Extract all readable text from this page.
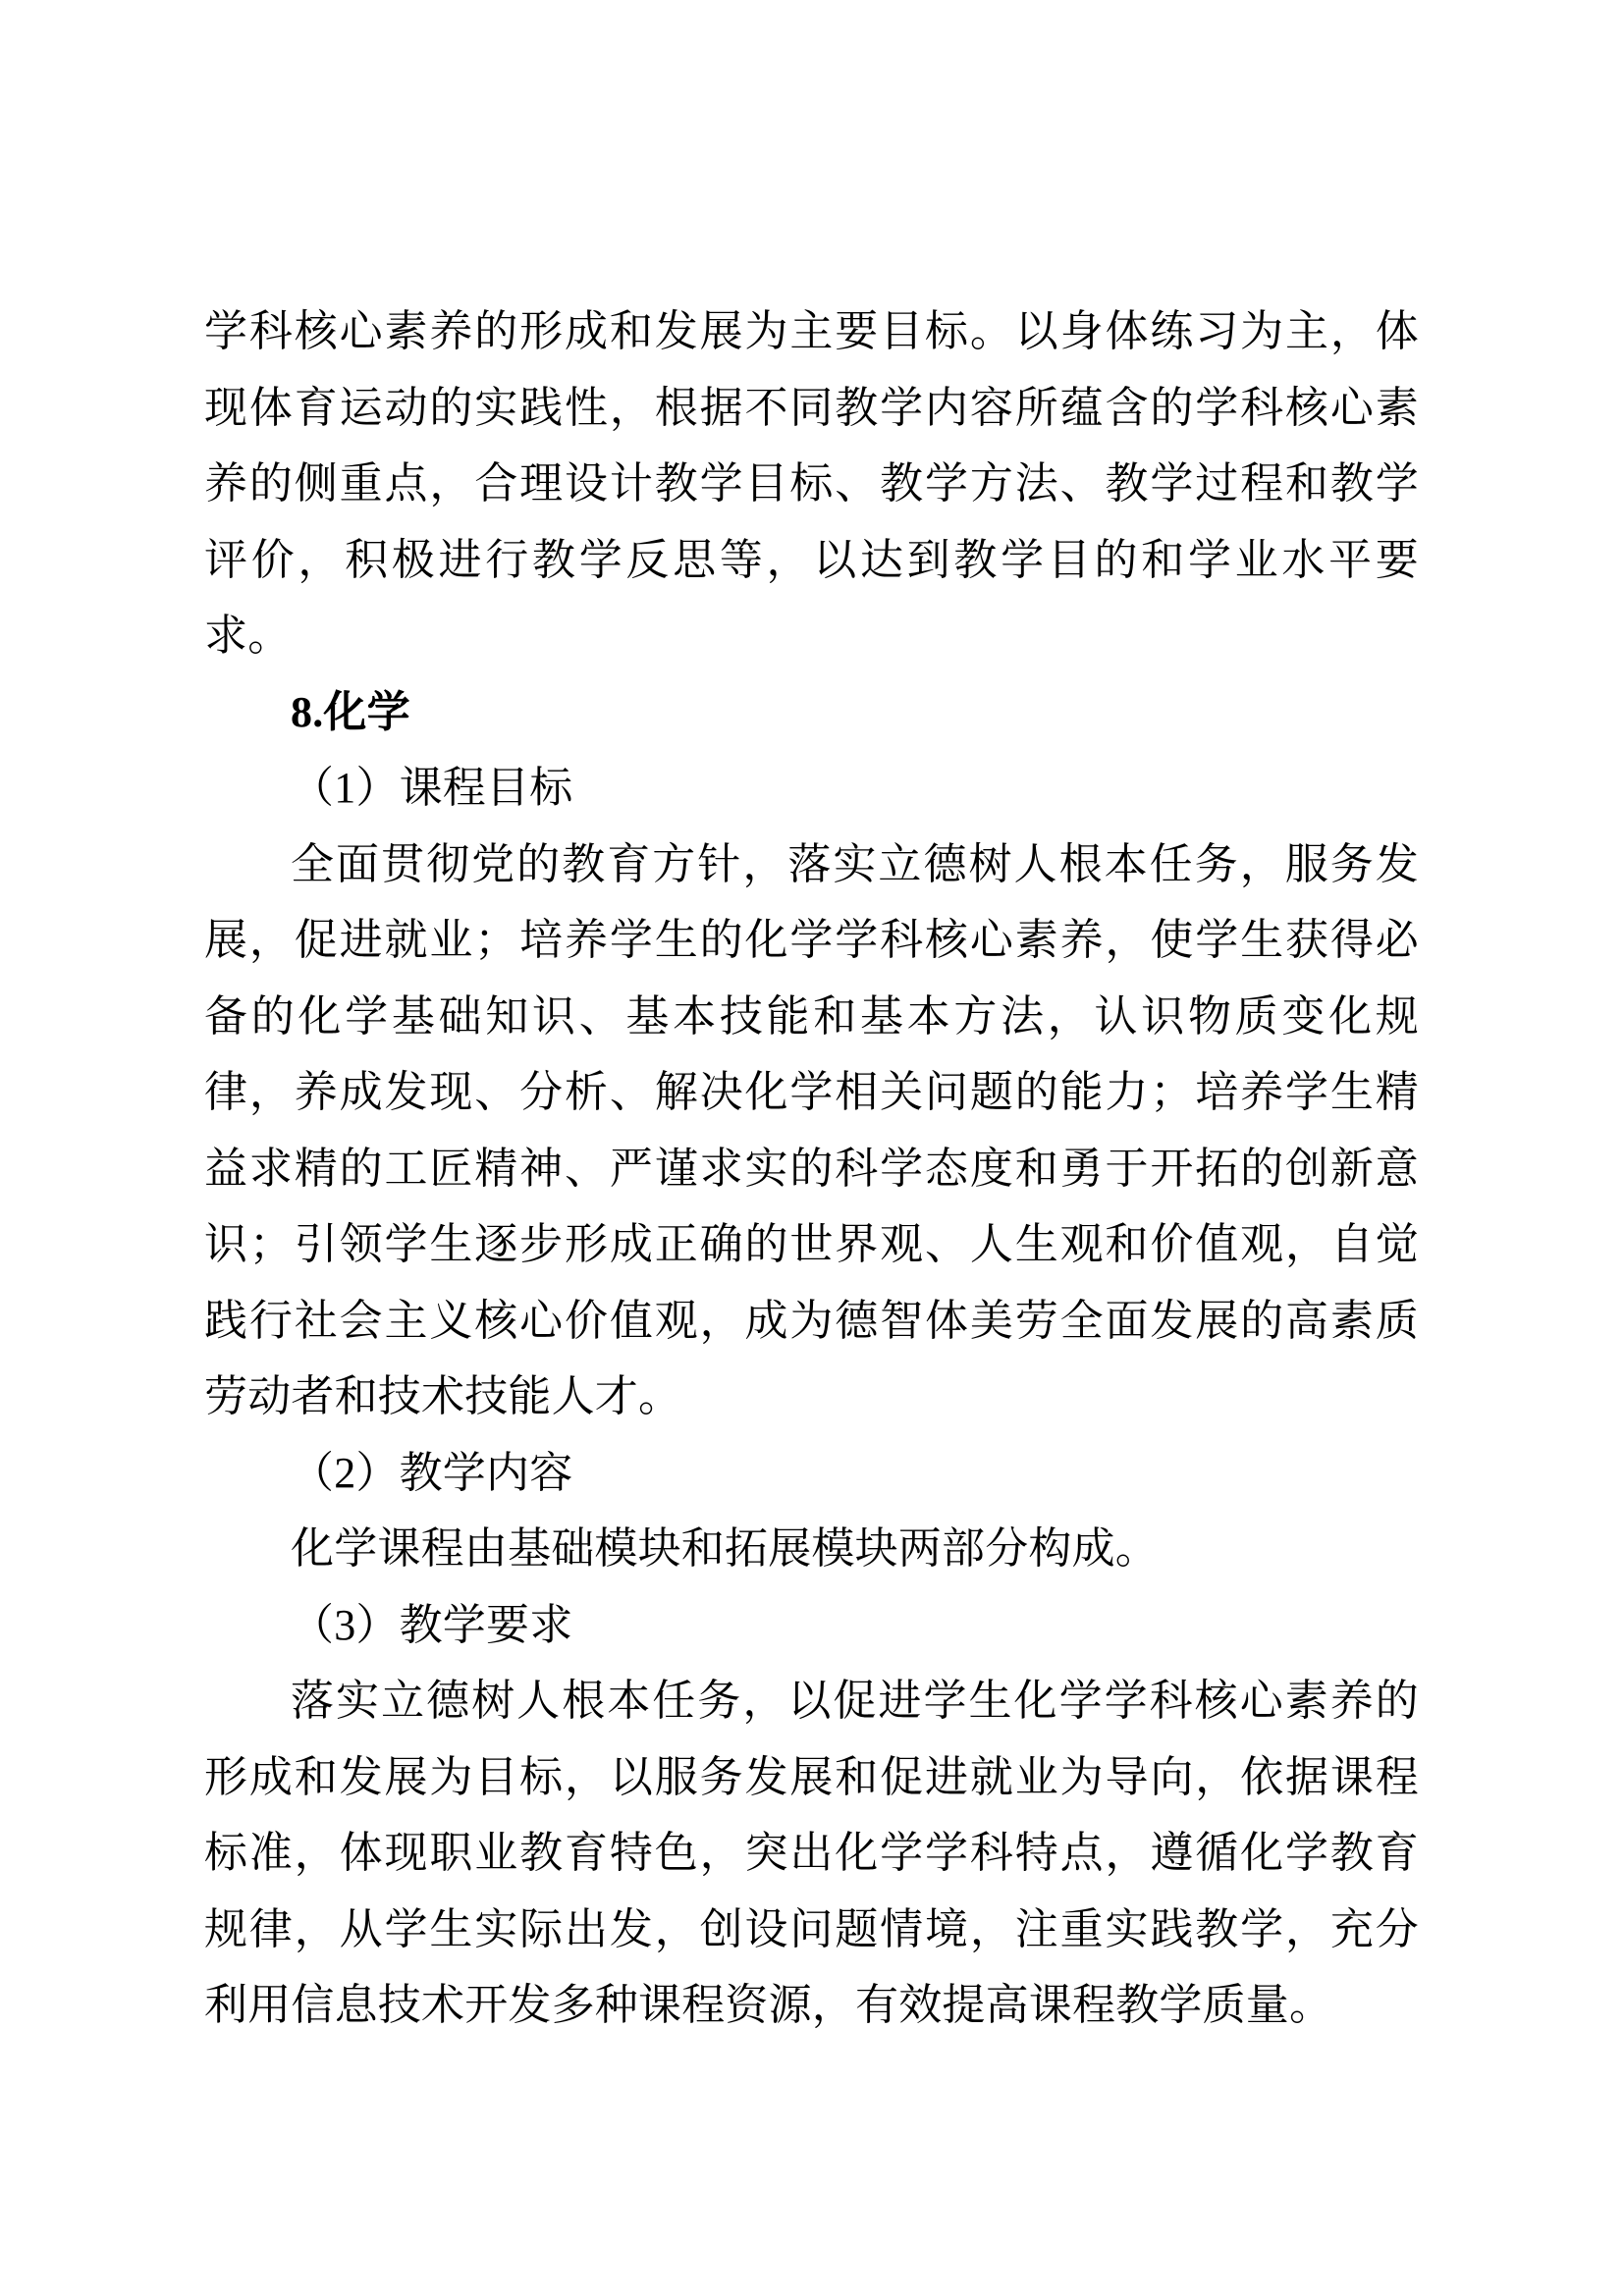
学科核心素养的形成和发展为主要目标。以身体练习为主，体现体育运动的实践性，根据不同教学内容所蕴含的学科核心素养的侧重点，合理设计教学目标、教学方法、教学过程和教学评价，积极进行教学反思等，以达到教学目的和学业水平要求。

8.化学

（1）课程目标

全面贯彻党的教育方针，落实立德树人根本任务，服务发展，促进就业；培养学生的化学学科核心素养，使学生获得必备的化学基础知识、基本技能和基本方法，认识物质变化规律，养成发现、分析、解决化学相关问题的能力；培养学生精益求精的工匠精神、严谨求实的科学态度和勇于开拓的创新意识；引领学生逐步形成正确的世界观、人生观和价值观，自觉践行社会主义核心价值观，成为德智体美劳全面发展的高素质劳动者和技术技能人才。

（2）教学内容

化学课程由基础模块和拓展模块两部分构成。

（3）教学要求

落实立德树人根本任务，以促进学生化学学科核心素养的形成和发展为目标，以服务发展和促进就业为导向，依据课程标准，体现职业教育特色，突出化学学科特点，遵循化学教育规律，从学生实际出发，创设问题情境，注重实践教学，充分利用信息技术开发多种课程资源，有效提高课程教学质量。
